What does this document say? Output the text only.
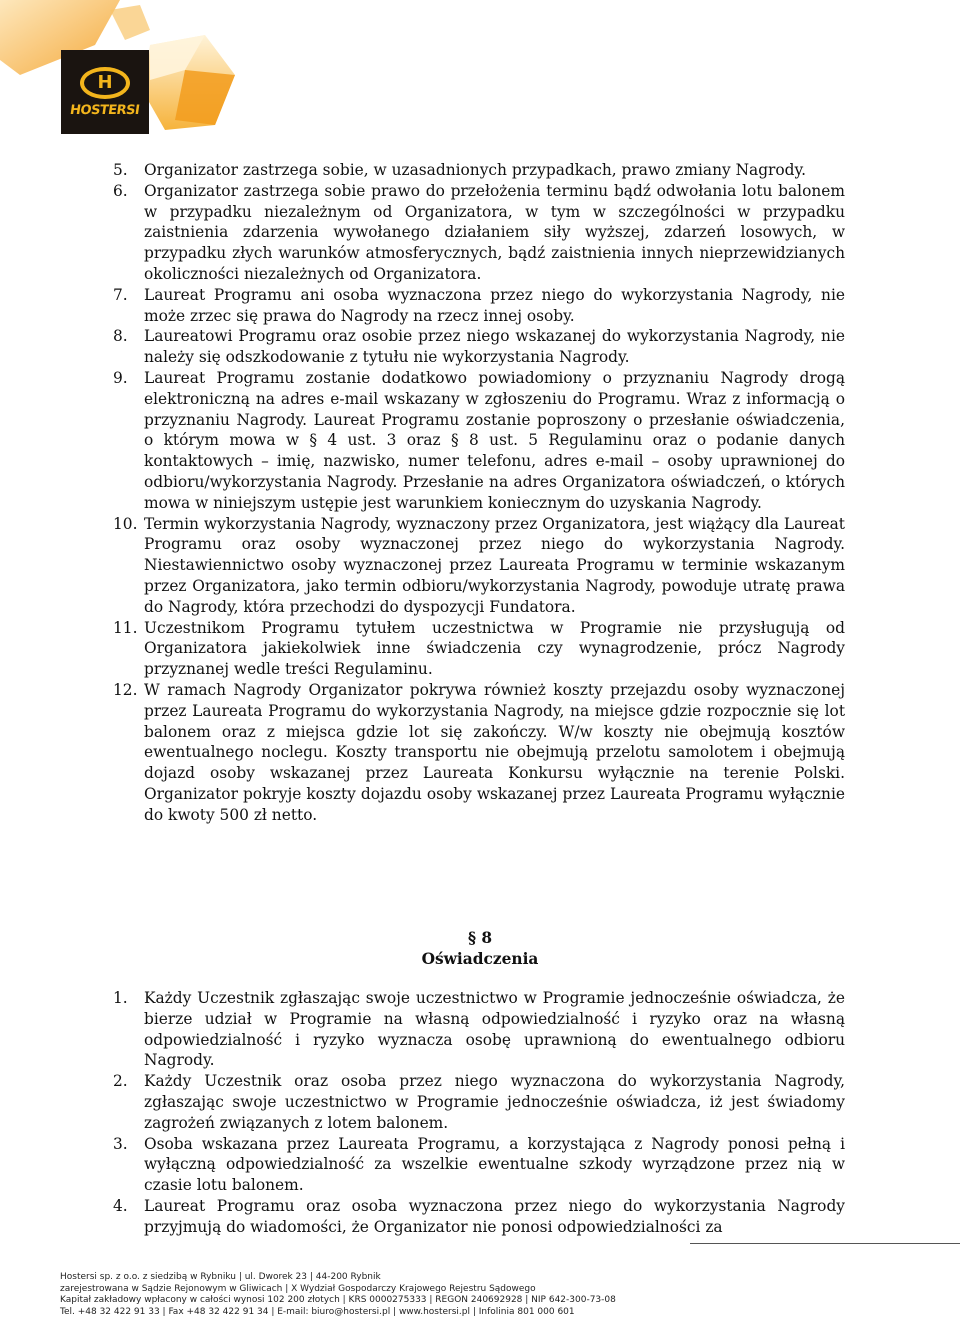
H
HOSTERSI
5.	Organizator zastrzega sobie, w uzasadnionych przypadkach, prawo zmiany Nagrody.
6.	Organizator zastrzega sobie prawo do przełożenia terminu bądź odwołania lotu balonem w przypadku niezależnym od Organizatora, w tym w szczególności w przypadku zaistnienia zdarzenia wywołanego działaniem siły wyższej, zdarzeń losowych, w przypadku złych warunków atmosferycznych, bądź zaistnienia innych nieprzewidzianych okoliczności niezależnych od Organizatora.
7.	Laureat Programu ani osoba wyznaczona przez niego do wykorzystania Nagrody, nie może zrzec się prawa do Nagrody na rzecz innej osoby.
8.	Laureatowi Programu oraz osobie przez niego wskazanej do wykorzystania Nagrody, nie należy się odszkodowanie z tytułu nie wykorzystania Nagrody.
9.	Laureat Programu zostanie dodatkowo powiadomiony o przyznaniu Nagrody drogą elektroniczną na adres e-mail wskazany w zgłoszeniu do Programu. Wraz z informacją o przyznaniu Nagrody. Laureat Programu zostanie poproszony o przesłanie oświadczenia, o którym mowa w § 4 ust. 3 oraz § 8 ust. 5 Regulaminu oraz o podanie danych kontaktowych – imię, nazwisko, numer telefonu, adres e-mail – osoby uprawnionej do odbioru/wykorzystania Nagrody. Przesłanie na adres Organizatora oświadczeń, o których mowa w niniejszym ustępie jest warunkiem koniecznym do uzyskania Nagrody.
10. Termin wykorzystania Nagrody, wyznaczony przez Organizatora, jest wiążący dla Laureat Programu oraz osoby wyznaczonej przez niego do wykorzystania Nagrody. Niestawiennictwo osoby wyznaczonej przez Laureata Programu w terminie wskazanym przez Organizatora, jako termin odbioru/wykorzystania Nagrody, powoduje utratę prawa do Nagrody, która przechodzi do dyspozycji Fundatora.
11. Uczestnikom Programu tytułem uczestnictwa w Programie nie przysługują od Organizatora jakiekolwiek inne świadczenia czy wynagrodzenie, prócz Nagrody przyznanej wedle treści Regulaminu.
12. W ramach Nagrody Organizator pokrywa również koszty przejazdu osoby wyznaczonej przez Laureata Programu do wykorzystania Nagrody, na miejsce gdzie rozpocznie się lot balonem oraz z miejsca gdzie lot się zakończy. W/w koszty nie obejmują kosztów ewentualnego noclegu. Koszty transportu nie obejmują przelotu samolotem i obejmują dojazd osoby wskazanej przez Laureata Konkursu wyłącznie na terenie Polski. Organizator pokryje koszty dojazdu osoby wskazanej przez Laureata Programu wyłącznie do kwoty 500 zł netto.
§ 8
Oświadczenia
1.	Każdy Uczestnik zgłaszając swoje uczestnictwo w Programie jednocześnie oświadcza, że bierze udział w Programie na własną odpowiedzialność i ryzyko oraz na własną odpowiedzialność i ryzyko wyznacza osobę uprawnioną do ewentualnego odbioru Nagrody.
2.	Każdy Uczestnik oraz osoba przez niego wyznaczona do wykorzystania Nagrody, zgłaszając swoje uczestnictwo w Programie jednocześnie oświadcza, iż jest świadomy zagrożeń związanych z lotem balonem.
3.	Osoba wskazana przez Laureata Programu, a korzystająca z Nagrody ponosi pełną i wyłączną odpowiedzialność za wszelkie ewentualne szkody wyrządzone przez nią w czasie lotu balonem.
4.	Laureat Programu oraz osoba wyznaczona przez niego do wykorzystania Nagrody przyjmują do wiadomości, że Organizator nie ponosi odpowiedzialności za
Hostersi sp. z o.o. z siedzibą w Rybniku | ul. Dworek 23 | 44-200 Rybnik
zarejestrowana w Sądzie Rejonowym w Gliwicach | X Wydział Gospodarczy Krajowego Rejestru Sądowego
Kapitał zakładowy wpłacony w całości wynosi 102 200 złotych | KRS 0000275333 | REGON 240692928 | NIP 642-300-73-08
Tel. +48 32 422 91 33 | Fax +48 32 422 91 34 | E-mail: biuro@hostersi.pl | www.hostersi.pl | Infolinia 801 000 601
